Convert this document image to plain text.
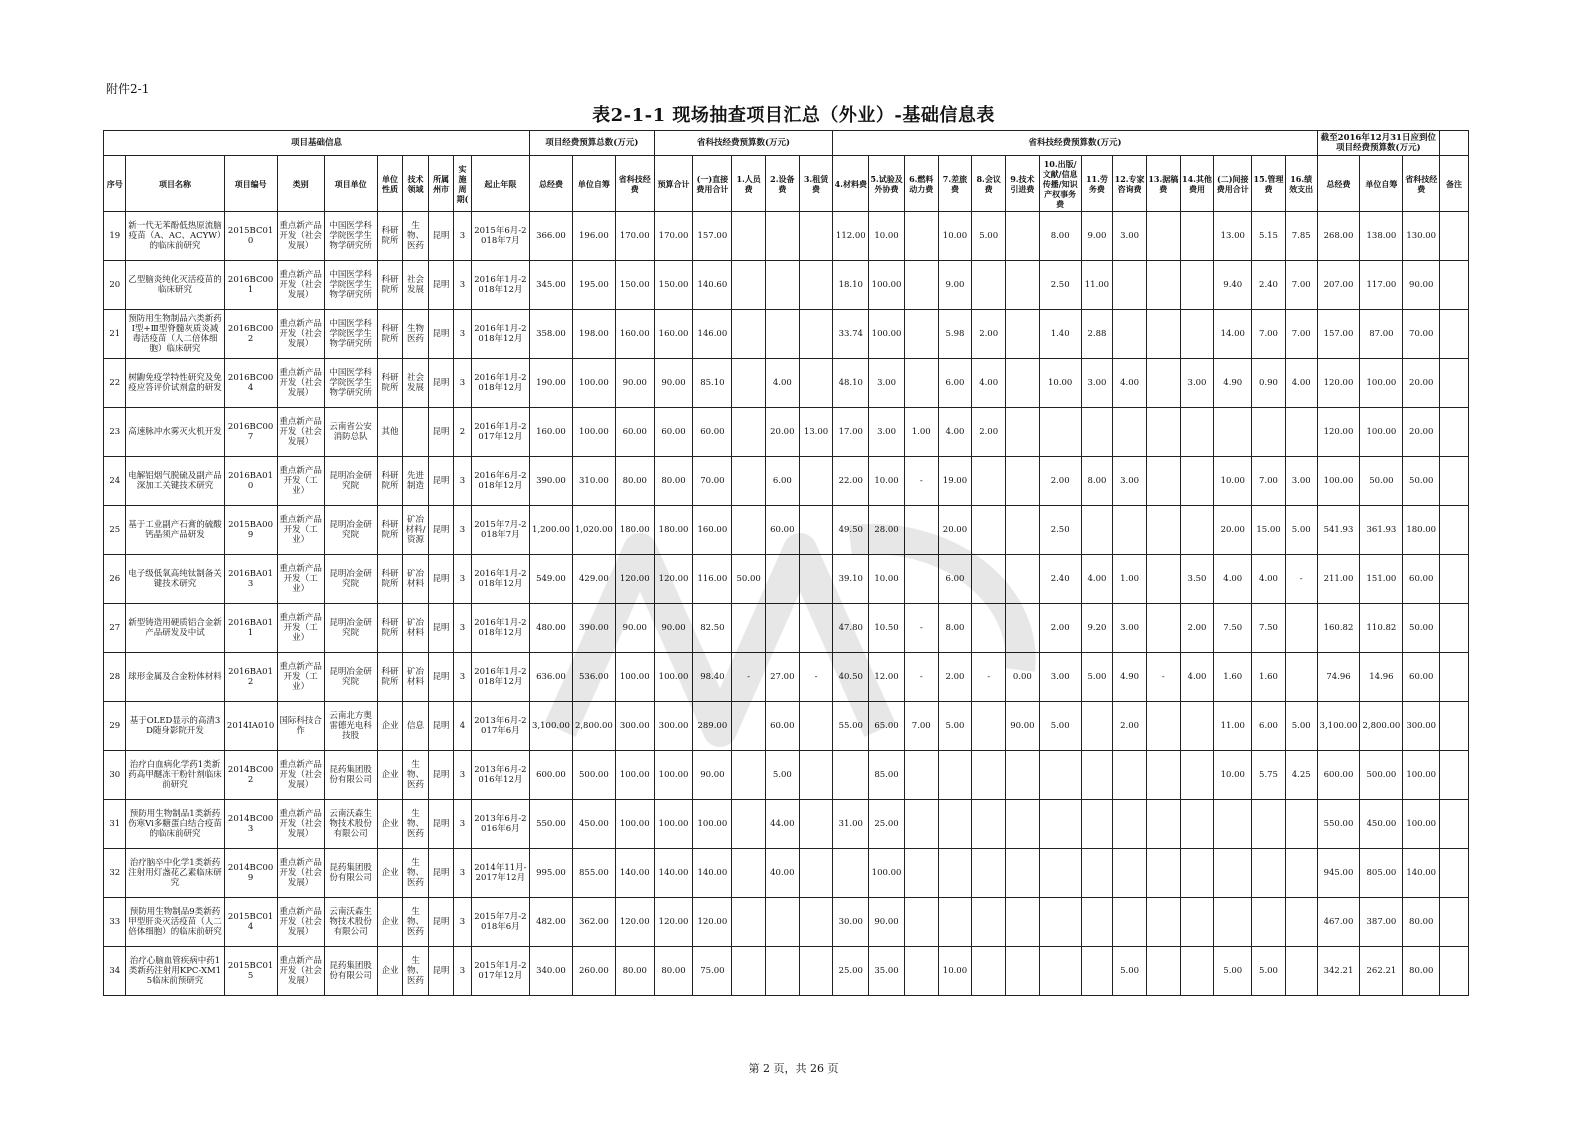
附件2-1
表2-1-1 现场抽查项目汇总（外业）-基础信息表
项目基础信息										项目经费预算总数(万元)			省科技经费预算数(万元)					省科技经费预算数(万元)														截至2016年12月31日应到位项目经费预算数(万元)			
序号	项目名称	项目编号	类别	项目单位	单位性质	技术领域	所属州市	实施周期(	起止年限	总经费	单位自筹	省科技经费	预算合计	(一)直接费用合计	1.人员费	2.设备费	3.租赁费	4.材料费	5.试验及外协费	6.燃料动力费	7.差旅费	8.会议费	9.技术引进费	10.出版/文献/信息传播/知识产权事务费	11.劳务费	12.专家咨询费	13.据稿费	14.其他费用	(二)间接费用合计	15.管理费	16.绩效支出	总经费	单位自筹	省科技经费	备注
19	新一代无苯酚低热原流脑疫苗（A、AC、ACYW）的临床前研究	2015BC010	重点新产品开发（社会发展）	中国医学科学院医学生物学研究所	科研院所	生物、医药	昆明	3	2015年6月-2018年7月	366.00	196.00	170.00	170.00	157.00				112.00	10.00		10.00	5.00		8.00	9.00	3.00			13.00	5.15	7.85	268.00	138.00	130.00	
20	乙型脑炎纯化灭活疫苗的临床研究	2016BC001	重点新产品开发（社会发展）	中国医学科学院医学生物学研究所	科研院所	社会发展	昆明	3	2016年1月-2018年12月	345.00	195.00	150.00	150.00	140.60				18.10	100.00		9.00			2.50	11.00				9.40	2.40	7.00	207.00	117.00	90.00	
21	预防用生物制品六类新药Ⅰ型+Ⅲ型脊髓灰质炎减毒活疫苗（人二倍体细胞）临床研究	2016BC002	重点新产品开发（社会发展）	中国医学科学院医学生物学研究所	科研院所	生物医药	昆明	3	2016年1月-2018年12月	358.00	198.00	160.00	160.00	146.00				33.74	100.00		5.98	2.00		1.40	2.88				14.00	7.00	7.00	157.00	87.00	70.00	
22	树鼩免疫学特性研究及免疫应答评价试剂盒的研发	2016BC004	重点新产品开发（社会发展）	中国医学科学院医学生物学研究所	科研院所	社会发展	昆明	3	2016年1月-2018年12月	190.00	100.00	90.00	90.00	85.10		4.00		48.10	3.00		6.00	4.00		10.00	3.00	4.00		3.00	4.90	0.90	4.00	120.00	100.00	20.00	
23	高速脉冲水雾灭火机开发	2016BC007	重点新产品开发（社会发展）	云南省公安消防总队	其他		昆明	2	2016年1月-2017年12月	160.00	100.00	60.00	60.00	60.00		20.00	13.00	17.00	3.00	1.00	4.00	2.00										120.00	100.00	20.00	
24	电解铝烟气脱硫及副产品深加工关键技术研究	2016BA010	重点新产品开发（工业）	昆明冶金研究院	科研院所	先进制造	昆明	3	2016年6月-2018年12月	390.00	310.00	80.00	80.00	70.00		6.00		22.00	10.00	-	19.00			2.00	8.00	3.00			10.00	7.00	3.00	100.00	50.00	50.00	
25	基于工业副产石膏的硫酸钙晶须产品研发	2015BA009	重点新产品开发（工业）	昆明冶金研究院	科研院所	矿冶材料/资源	昆明	3	2015年7月-2018年7月	1,200.00	1,020.00	180.00	180.00	160.00		60.00		49.50	28.00		20.00			2.50					20.00	15.00	5.00	541.93	361.93	180.00	
26	电子级低氧高纯钛制备关键技术研究	2016BA013	重点新产品开发（工业）	昆明冶金研究院	科研院所	矿冶材料	昆明	3	2016年1月-2018年12月	549.00	429.00	120.00	120.00	116.00	50.00			39.10	10.00		6.00			2.40	4.00	1.00		3.50	4.00	4.00	-	211.00	151.00	60.00	
27	新型铸造用硬质铝合金新产品研发及中试	2016BA011	重点新产品开发（工业）	昆明冶金研究院	科研院所	矿冶材料	昆明	3	2016年1月-2018年12月	480.00	390.00	90.00	90.00	82.50				47.80	10.50	-	8.00			2.00	9.20	3.00		2.00	7.50	7.50		160.82	110.82	50.00	
28	球形金属及合金粉体材料	2016BA012	重点新产品开发（工业）	昆明冶金研究院	科研院所	矿冶材料	昆明	3	2016年1月-2018年12月	636.00	536.00	100.00	100.00	98.40	-	27.00	-	40.50	12.00	-	2.00	-	0.00	3.00	5.00	4.90	-	4.00	1.60	1.60		74.96	14.96	60.00	
29	基于OLED显示的高清3D随身影院开发	2014IA010	国际科技合作	云南北方奥雷德光电科技股	企业	信息	昆明	4	2013年6月-2017年6月	3,100.00	2,800.00	300.00	300.00	289.00		60.00		55.00	65.00	7.00	5.00		90.00	5.00		2.00			11.00	6.00	5.00	3,100.00	2,800.00	300.00	
30	治疗白血病化学药1类新药高甲醚冻干粉针剂临床前研究	2014BC002	重点新产品开发（社会发展）	昆药集团股份有限公司	企业	生物、医药	昆明	3	2013年6月-2016年12月	600.00	500.00	100.00	100.00	90.00		5.00			85.00										10.00	5.75	4.25	600.00	500.00	100.00	
31	预防用生物制品1类新药伤寒Vi多糖蛋白结合疫苗的临床前研究	2014BC003	重点新产品开发（社会发展）	云南沃森生物技术股份有限公司	企业	生物、医药	昆明	3	2013年6月-2016年6月	550.00	450.00	100.00	100.00	100.00		44.00		31.00	25.00													550.00	450.00	100.00	
32	治疗脑卒中化学1类新药注射用灯盏花乙素临床研究	2014BC009	重点新产品开发（社会发展）	昆药集团股份有限公司	企业	生物、医药	昆明	3	2014年11月-2017年12月	995.00	855.00	140.00	140.00	140.00		40.00			100.00													945.00	805.00	140.00	
33	预防用生物制品9类新药甲型肝炎灭活疫苗（人二倍体细胞）的临床前研究	2015BC014	重点新产品开发（社会发展）	云南沃森生物技术股份有限公司	企业	生物、医药	昆明	3	2015年7月-2018年6月	482.00	362.00	120.00	120.00	120.00				30.00	90.00													467.00	387.00	80.00	
34	治疗心脑血管疾病中药1类新药注射用KPC-XM15临床前预研究	2015BC015	重点新产品开发（社会发展）	昆药集团股份有限公司	企业	生物、医药	昆明	3	2015年1月-2017年12月	340.00	260.00	80.00	80.00	75.00				25.00	35.00		10.00					5.00			5.00	5.00		342.21	262.21	80.00	
第 2 页，共 26 页
